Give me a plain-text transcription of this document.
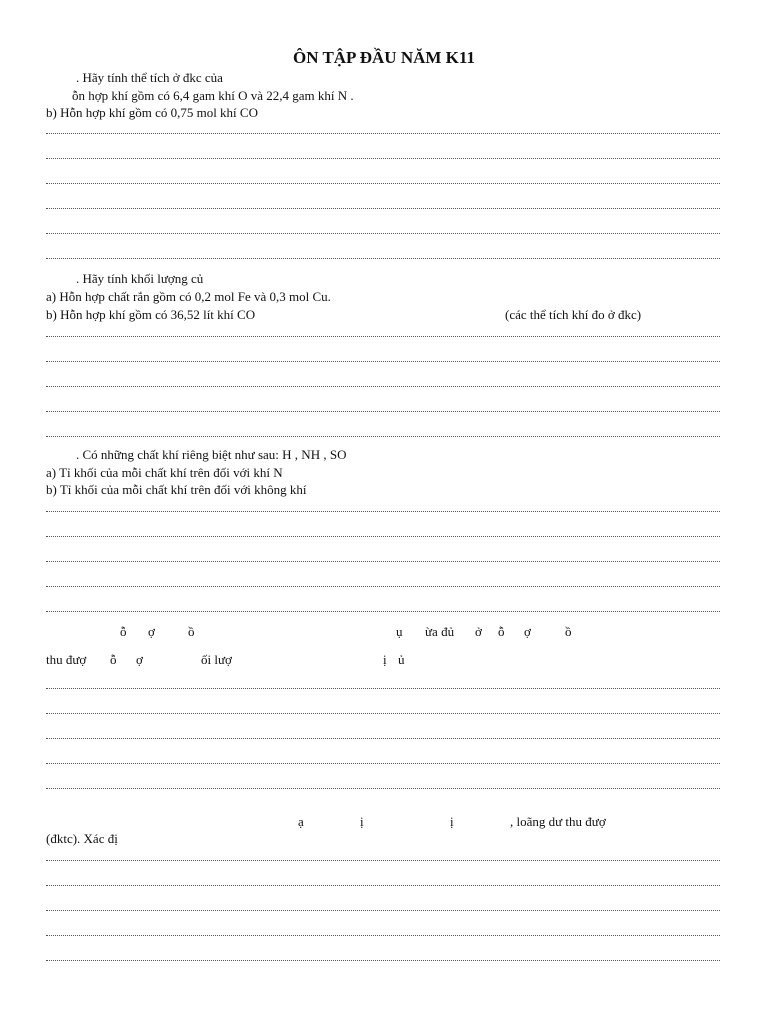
ÔN TẬP ĐẦU NĂM K11
. Hãy tính thể tích ở đkc của
ỗn hợp khí gồm có 6,4 gam khí O và 22,4 gam khí N .
b) Hỗn hợp khí gồm có 0,75 mol khí CO
. Hãy tính khối lượng củ
a) Hỗn hợp chất rắn gồm có 0,2 mol Fe và 0,3 mol Cu.
b) Hỗn hợp khí gồm có 36,52 lít khí CO	(các thể tích khí đo ở đkc)
. Có những chất khí riêng biệt như sau: H , NH , SO
a) Tỉ khối của mỗi chất khí trên đối với khí N
b) Tỉ khối của mỗi chất khí trên đối với không khí
ỗ ợ	ồ	ụ ừa đủ ở ỗ ợ	ồ
thu đượ ỗ ợ	ối lượ	ị ủ
ạ	ị	ị	, loãng dư thu đượ
(đktc). Xác đị
